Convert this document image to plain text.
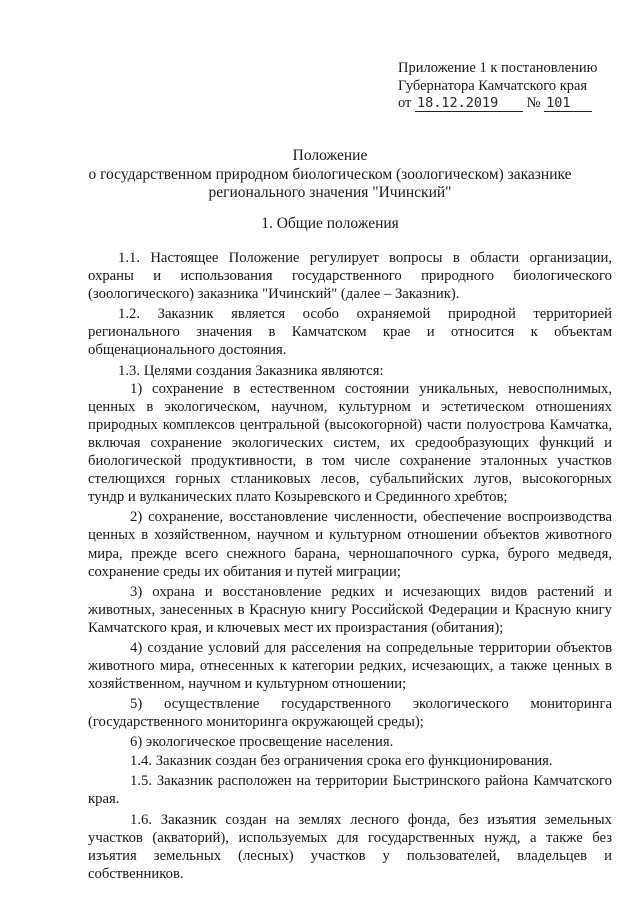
Приложение 1 к постановлению
Губернатора Камчатского края
от 18.12.2019 № 101
Положение
о государственном природном биологическом (зоологическом) заказнике
регионального значения "Ичинский"
1. Общие положения

1.1. Настоящее Положение регулирует вопросы в области организации, охраны и использования государственного природного биологического (зоологического) заказника "Ичинский" (далее – Заказник).

1.2. Заказник является особо охраняемой природной территорией регионального значения в Камчатском крае и относится к объектам общенационального достояния.

1.3. Целями создания Заказника являются:

1) сохранение в естественном состоянии уникальных, невосполнимых, ценных в экологическом, научном, культурном и эстетическом отношениях природных комплексов центральной (высокогорной) части полуострова Камчатка, включая сохранение экологических систем, их средообразующих функций и биологической продуктивности, в том числе сохранение эталонных участков стелющихся горных стланиковых лесов, субальпийских лугов, высокогорных тундр и вулканических плато Козыревского и Срединного хребтов;

2) сохранение, восстановление численности, обеспечение воспроизводства ценных в хозяйственном, научном и культурном отношении объектов животного мира, прежде всего снежного барана, черношапочного сурка, бурого медведя, сохранение среды их обитания и путей миграции;

3) охрана и восстановление редких и исчезающих видов растений и животных, занесенных в Красную книгу Российской Федерации и Красную книгу Камчатского края, и ключевых мест их произрастания (обитания);

4) создание условий для расселения на сопредельные территории объектов животного мира, отнесенных к категории редких, исчезающих, а также ценных в хозяйственном, научном и культурном отношении;

5) осуществление государственного экологического мониторинга (государственного мониторинга окружающей среды);

6) экологическое просвещение населения.

1.4. Заказник создан без ограничения срока его функционирования.

1.5. Заказник расположен на территории Быстринского района Камчатского края.

1.6. Заказник создан на землях лесного фонда, без изъятия земельных участков (акваторий), используемых для государственных нужд, а также без изъятия земельных (лесных) участков у пользователей, владельцев и собственников.
